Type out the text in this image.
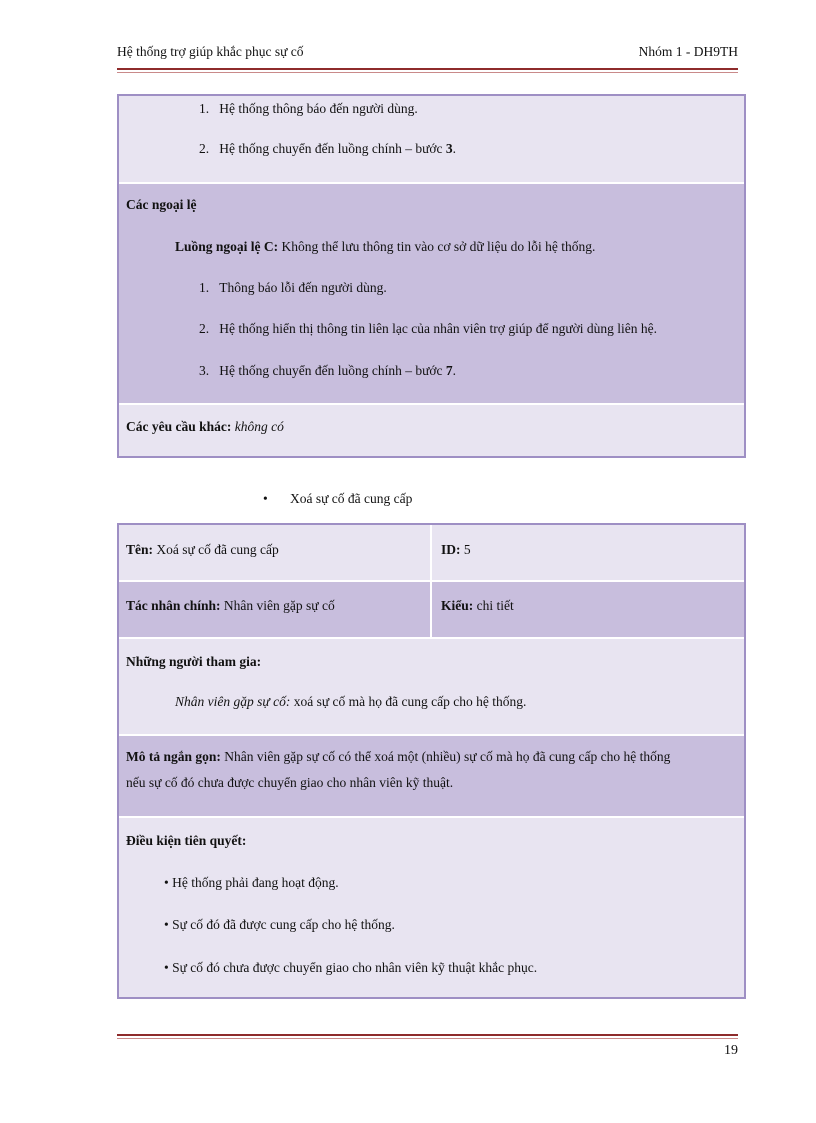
Hệ thống trợ giúp khắc phục sự cố	Nhóm 1 - DH9TH
1. Hệ thống thông báo đến người dùng.
2. Hệ thống chuyển đến luồng chính – bước 3.
Các ngoại lệ
Luồng ngoại lệ C: Không thể lưu thông tin vào cơ sở dữ liệu do lỗi hệ thống.
1. Thông báo lỗi đến người dùng.
2. Hệ thống hiển thị thông tin liên lạc của nhân viên trợ giúp để người dùng liên hệ.
3. Hệ thống chuyển đến luồng chính – bước 7.
Các yêu cầu khác: không có
• Xoá sự cố đã cung cấp
Tên: Xoá sự cố đã cung cấp	ID: 5
Tác nhân chính: Nhân viên gặp sự cố	Kiểu: chi tiết
Những người tham gia:
Nhân viên gặp sự cố: xoá sự cố mà họ đã cung cấp cho hệ thống.
Mô tả ngắn gọn: Nhân viên gặp sự cố có thể xoá một (nhiều) sự cố mà họ đã cung cấp cho hệ thống
nếu sự cố đó chưa được chuyển giao cho nhân viên kỹ thuật.
Điều kiện tiên quyết:
• Hệ thống phải đang hoạt động.
• Sự cố đó đã được cung cấp cho hệ thống.
• Sự cố đó chưa được chuyển giao cho nhân viên kỹ thuật khắc phục.
19
